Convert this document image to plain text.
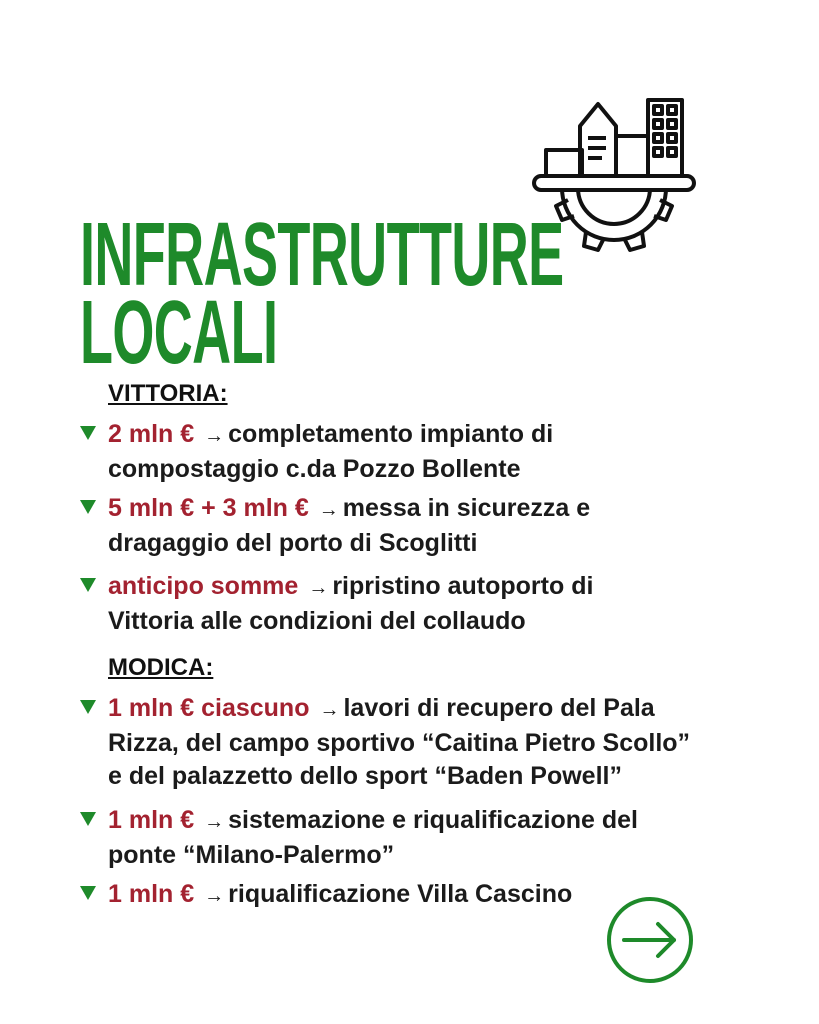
INFRASTRUTTURE
LOCALI
VITTORIA:
2 mln € → completamento impianto di
compostaggio c.da Pozzo Bollente
5 mln € + 3 mln € → messa in sicurezza e
dragaggio del porto di Scoglitti
anticipo somme → ripristino autoporto di
Vittoria alle condizioni del collaudo
MODICA:
1 mln € ciascuno → lavori di recupero del Pala
Rizza, del campo sportivo “Caitina Pietro Scollo”
e del palazzetto dello sport “Baden Powell”
1 mln € → sistemazione e riqualificazione del
ponte “Milano-Palermo”
1 mln € → riqualificazione Villa Cascino
